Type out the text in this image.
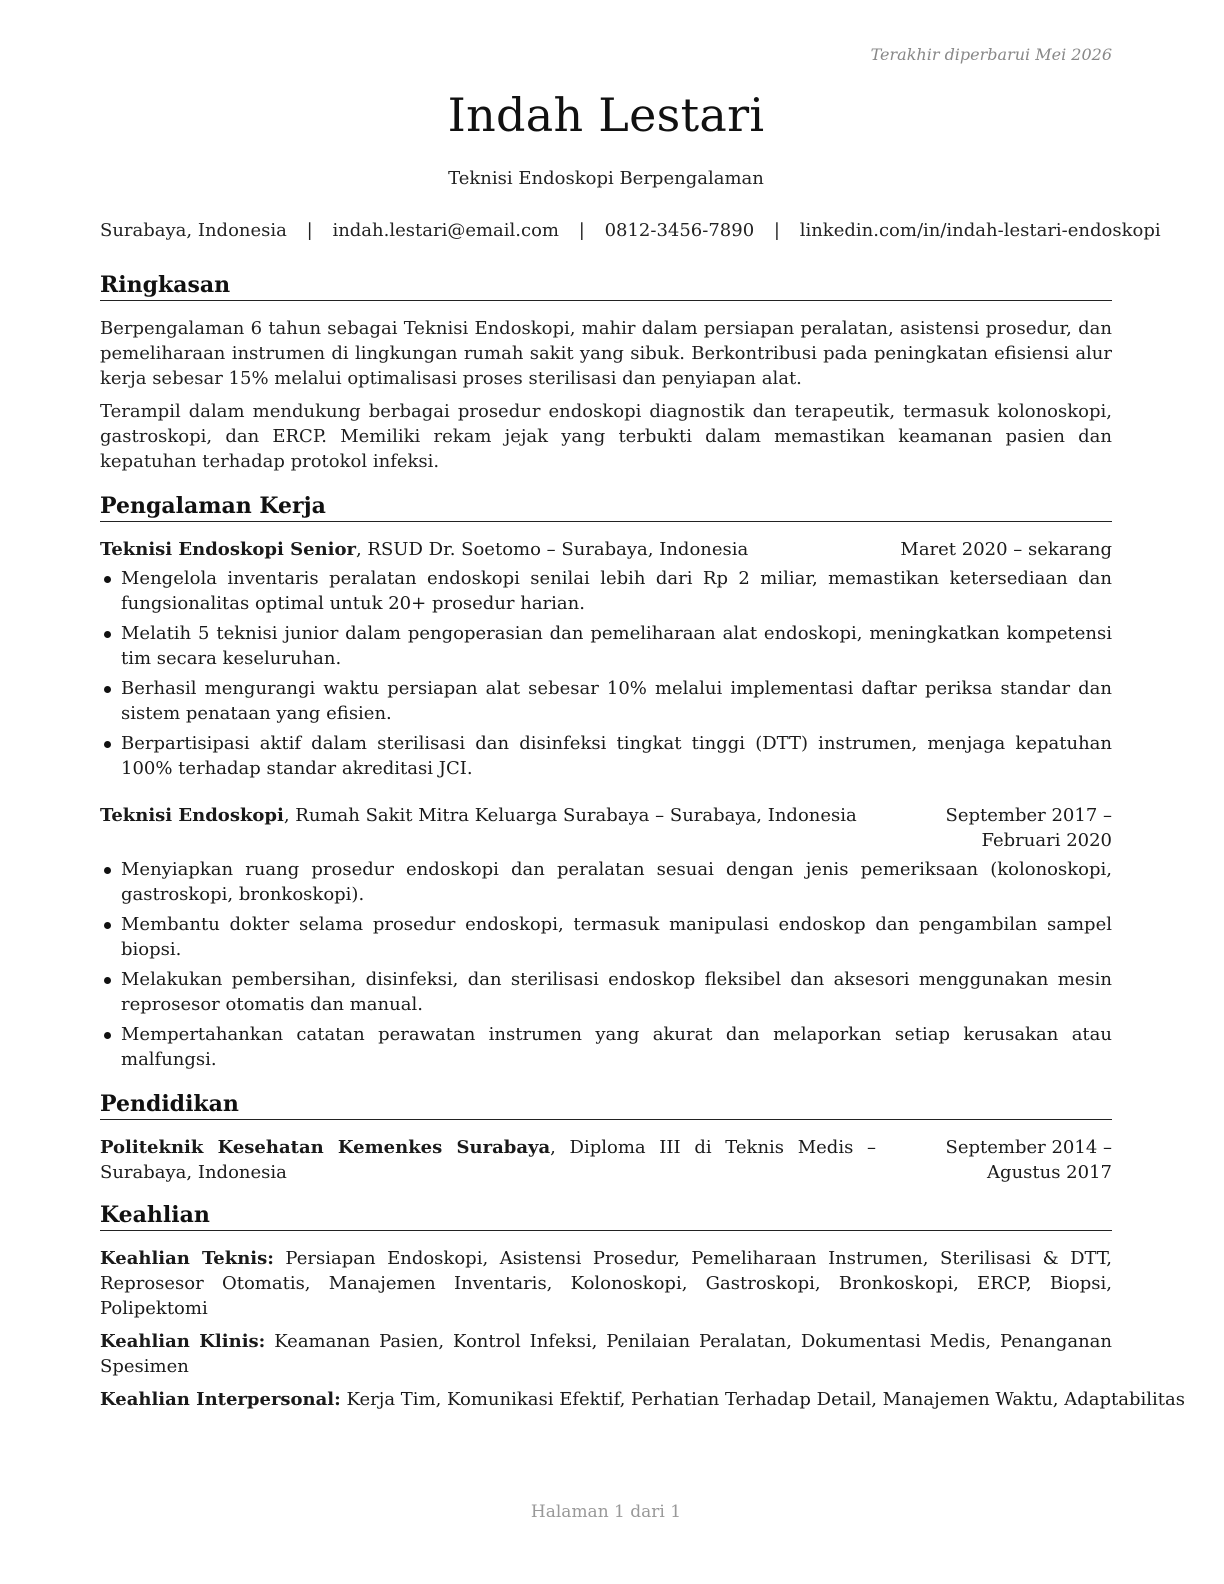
Terakhir diperbarui Mei 2026
Indah Lestari
Teknisi Endoskopi Berpengalaman
Surabaya, Indonesia | indah.lestari@email.com | 0812-3456-7890 | linkedin.com/in/indah-lestari-endoskopi
Ringkasan

Berpengalaman 6 tahun sebagai Teknisi Endoskopi, mahir dalam persiapan peralatan, asistensi prosedur, dan pemeliharaan instrumen di lingkungan rumah sakit yang sibuk. Berkontribusi pada peningkatan efisiensi alur kerja sebesar 15% melalui optimalisasi proses sterilisasi dan penyiapan alat.

Terampil dalam mendukung berbagai prosedur endoskopi diagnostik dan terapeutik, termasuk kolonoskopi, gastroskopi, dan ERCP. Memiliki rekam jejak yang terbukti dalam memastikan keamanan pasien dan kepatuhan terhadap protokol infeksi.

Pengalaman Kerja
Teknisi Endoskopi Senior, RSUD Dr. Soetomo – Surabaya, Indonesia	Maret 2020 – sekarang
Mengelola inventaris peralatan endoskopi senilai lebih dari Rp 2 miliar, memastikan ketersediaan dan fungsionalitas optimal untuk 20+ prosedur harian.
Melatih 5 teknisi junior dalam pengoperasian dan pemeliharaan alat endoskopi, meningkatkan kompetensi tim secara keseluruhan.
Berhasil mengurangi waktu persiapan alat sebesar 10% melalui implementasi daftar periksa standar dan sistem penataan yang efisien.
Berpartisipasi aktif dalam sterilisasi dan disinfeksi tingkat tinggi (DTT) instrumen, menjaga kepatuhan 100% terhadap standar akreditasi JCI.
Teknisi Endoskopi, Rumah Sakit Mitra Keluarga Surabaya – Surabaya, Indonesia	September 2017 – Februari 2020
Menyiapkan ruang prosedur endoskopi dan peralatan sesuai dengan jenis pemeriksaan (kolonoskopi, gastroskopi, bronkoskopi).
Membantu dokter selama prosedur endoskopi, termasuk manipulasi endoskop dan pengambilan sampel biopsi.
Melakukan pembersihan, disinfeksi, dan sterilisasi endoskop fleksibel dan aksesori menggunakan mesin reprosesor otomatis dan manual.
Mempertahankan catatan perawatan instrumen yang akurat dan melaporkan setiap kerusakan atau malfungsi.
Pendidikan
Politeknik Kesehatan Kemenkes Surabaya, Diploma III di Teknis Medis – Surabaya, Indonesia
September 2014 – Agustus 2017
Keahlian

Keahlian Teknis: Persiapan Endoskopi, Asistensi Prosedur, Pemeliharaan Instrumen, Sterilisasi & DTT, Reprosesor Otomatis, Manajemen Inventaris, Kolonoskopi, Gastroskopi, Bronkoskopi, ERCP, Biopsi, Polipektomi

Keahlian Klinis: Keamanan Pasien, Kontrol Infeksi, Penilaian Peralatan, Dokumentasi Medis, Penanganan Spesimen

Keahlian Interpersonal: Kerja Tim, Komunikasi Efektif, Perhatian Terhadap Detail, Manajemen Waktu, Adaptabilitas

Halaman 1 dari 1
